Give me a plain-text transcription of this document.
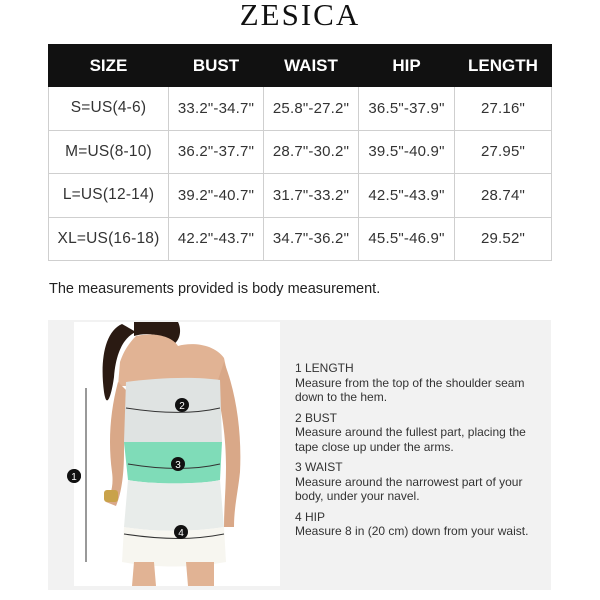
ZESICA
SIZE	BUST	WAIST	HIP	LENGTH
S=US(4-6)	33.2"-34.7"	25.8"-27.2"	36.5"-37.9"	27.16"
M=US(8-10)	36.2"-37.7"	28.7"-30.2"	39.5"-40.9"	27.95"
L=US(12-14)	39.2"-40.7"	31.7"-33.2"	42.5"-43.9"	28.74"
XL=US(16-18)	42.2"-43.7"	34.7"-36.2"	45.5"-46.9"	29.52"
The measurements provided is body measurement.
2
3
4
1
1 LENGTH
Measure from the top of the shoulder seam down to the hem.
2 BUST
Measure around the fullest part, placing the tape close up under the arms.
3 WAIST
Measure around the narrowest part of your body, under your navel.
4 HIP
Measure 8 in (20 cm) down from your waist.
